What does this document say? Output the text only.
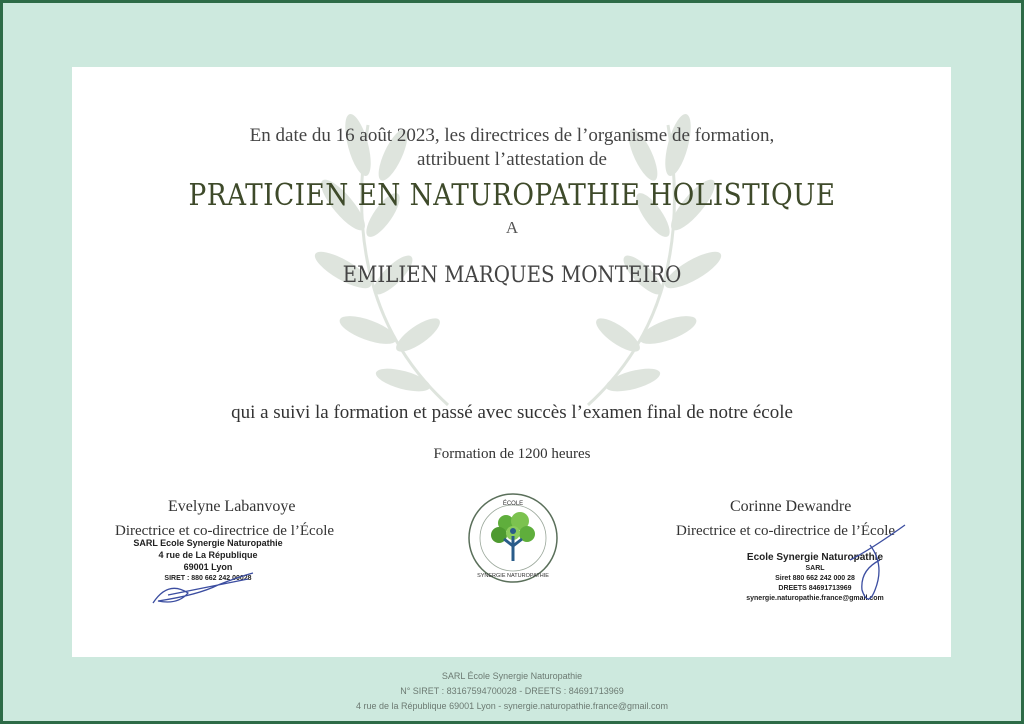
En date du 16 août 2023, les directrices de l’organisme de formation,
attribuent l’attestation de
PRATICIEN EN NATUROPATHIE HOLISTIQUE
A
EMILIEN MARQUES MONTEIRO
qui a suivi la formation et passé avec succès l’examen final de notre école
Formation de 1200 heures
Evelyne Labanvoye
Directrice et co-directrice de l’École
SARL Ecole Synergie Naturopathie
4 rue de La République
69001 Lyon
SIRET : 880 662 242 00028
Corinne Dewandre
Directrice et co-directrice de l’École
Ecole Synergie Naturopathie
SARL
Siret 880 662 242 000 28
DREETS 84691713969
synergie.naturopathie.france@gmail.com
ÉCOLE
SYNERGIE NATUROPATHIE
SARL École Synergie Naturopathie
N° SIRET : 83167594700028 - DREETS : 84691713969
4 rue de la République 69001 Lyon - synergie.naturopathie.france@gmail.com
